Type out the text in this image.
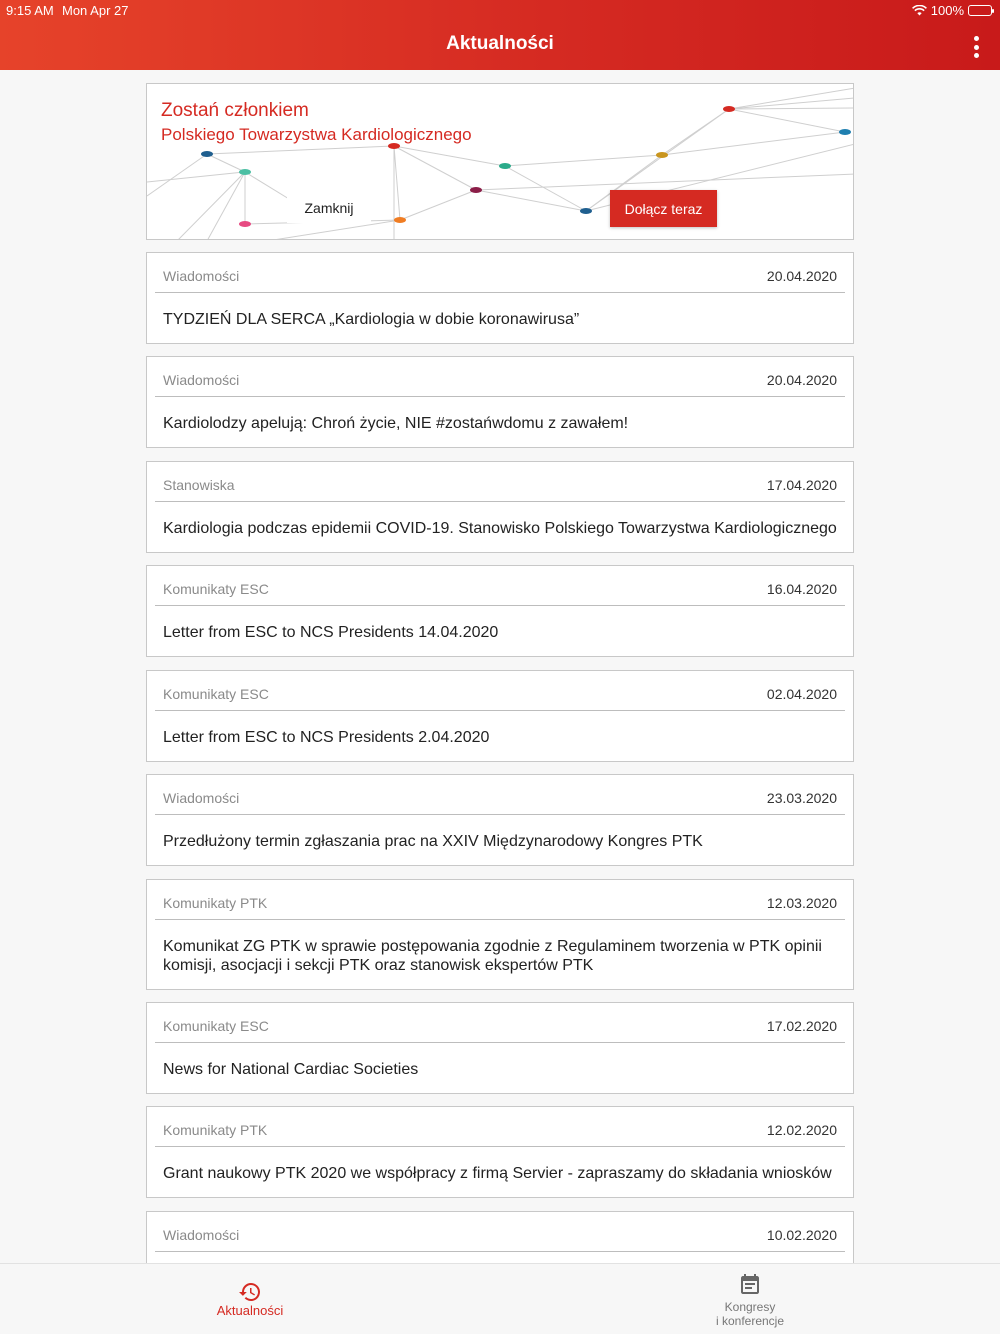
9:15 AM Mon Apr 27	100%
Aktualności
Zostań członkiem
Polskiego Towarzystwa Kardiologicznego
Zamknij	Dołącz teraz
Wiadomości	20.04.2020
TYDZIEŃ DLA SERCA „Kardiologia w dobie koronawirusa”
Wiadomości	20.04.2020
Kardiolodzy apelują: Chroń życie, NIE #zostańwdomu z zawałem!
Stanowiska	17.04.2020
Kardiologia podczas epidemii COVID-19. Stanowisko Polskiego Towarzystwa Kardiologicznego
Komunikaty ESC	16.04.2020
Letter from ESC to NCS Presidents 14.04.2020
Komunikaty ESC	02.04.2020
Letter from ESC to NCS Presidents 2.04.2020
Wiadomości	23.03.2020
Przedłużony termin zgłaszania prac na XXIV Międzynarodowy Kongres PTK
Komunikaty PTK	12.03.2020
Komunikat ZG PTK w sprawie postępowania zgodnie z Regulaminem tworzenia w PTK opinii komisji, asocjacji i sekcji PTK oraz stanowisk ekspertów PTK
Komunikaty ESC	17.02.2020
News for National Cardiac Societies
Komunikaty PTK	12.02.2020
Grant naukowy PTK 2020 we współpracy z firmą Servier - zapraszamy do składania wniosków
Wiadomości	10.02.2020
Aktualności	Kongresy
i konferencje
